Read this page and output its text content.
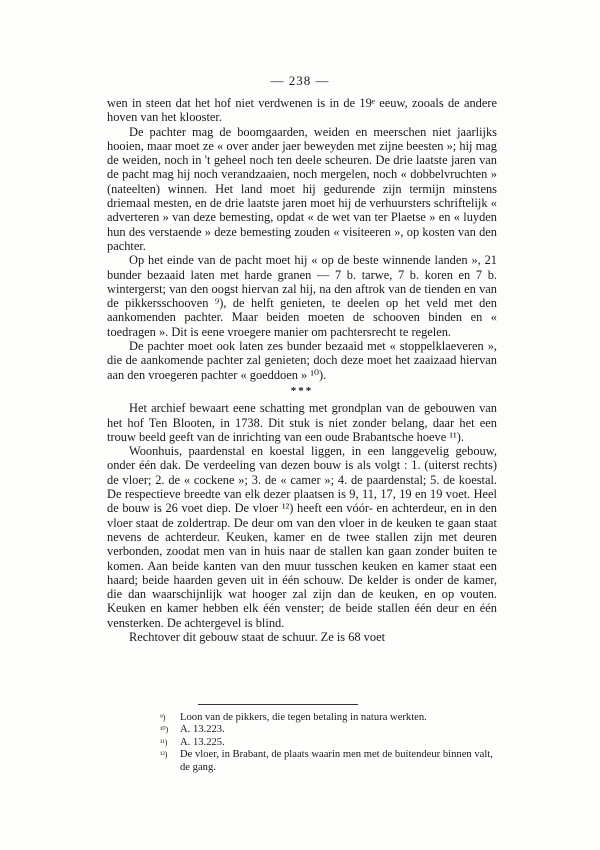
— 238 —

wen in steen dat het hof niet verdwenen is in de 19ᵉ eeuw, zooals de andere hoven van het klooster.

De pachter mag de boomgaarden, weiden en meerschen niet jaarlijks hooien, maar moet ze « over ander jaer beweyden met zijne beesten »; hij mag de weiden, noch in 't geheel noch ten deele scheuren. De drie laatste jaren van de pacht mag hij noch verandzaaien, noch mergelen, noch « dobbelvruchten » (nateelten) winnen. Het land moet hij gedurende zijn termijn minstens driemaal mesten, en de drie laatste jaren moet hij de verhuursters schriftelijk « adverteren » van deze bemesting, opdat « de wet van ter Plaetse » en « luyden hun des verstaende » deze bemesting zouden « visiteeren », op kosten van den pachter.

Op het einde van de pacht moet hij « op de beste winnende landen », 21 bunder bezaaid laten met harde granen — 7 b. tarwe, 7 b. koren en 7 b. wintergerst; van den oogst hiervan zal hij, na den aftrok van de tienden en van de pikkersschooven ⁹), de helft genieten, te deelen op het veld met den aankomenden pachter. Maar beiden moeten de schooven binden en « toedragen ». Dit is eene vroegere manier om pachtersrecht te regelen.

De pachter moet ook laten zes bunder bezaaid met « stoppelklaeveren », die de aankomende pachter zal genieten; doch deze moet het zaaizaad hiervan aan den vroegeren pachter « goeddoen » ¹⁰).

***

Het archief bewaart eene schatting met grondplan van de gebouwen van het hof Ten Blooten, in 1738. Dit stuk is niet zonder belang, daar het een trouw beeld geeft van de inrichting van een oude Brabantsche hoeve ¹¹).

Woonhuis, paardenstal en koestal liggen, in een langgevelig gebouw, onder één dak. De verdeeling van dezen bouw is als volgt : 1. (uiterst rechts) de vloer; 2. de « cockene »; 3. de « camer »; 4. de paardenstal; 5. de koestal. De respectieve breedte van elk dezer plaatsen is 9, 11, 17, 19 en 19 voet. Heel de bouw is 26 voet diep. De vloer ¹²) heeft een vóór- en achterdeur, en in den vloer staat de zoldertrap. De deur om van den vloer in de keuken te gaan staat nevens de achterdeur. Keuken, kamer en de twee stallen zijn met deuren verbonden, zoodat men van in huis naar de stallen kan gaan zonder buiten te komen. Aan beide kanten van den muur tusschen keuken en kamer staat een haard; beide haarden geven uit in één schouw. De kelder is onder de kamer, die dan waarschijnlijk wat hooger zal zijn dan de keuken, en op vouten. Keuken en kamer hebben elk één venster; de beide stallen één deur en één vensterken. De achtergevel is blind.

Rechtover dit gebouw staat de schuur. Ze is 68 voet

⁹)	Loon van de pikkers, die tegen betaling in natura werkten.
¹⁰)	A. 13.223.
¹¹)	A. 13.225.
¹²)	De vloer, in Brabant, de plaats waarin men met de buitendeur binnen valt, de gang.
